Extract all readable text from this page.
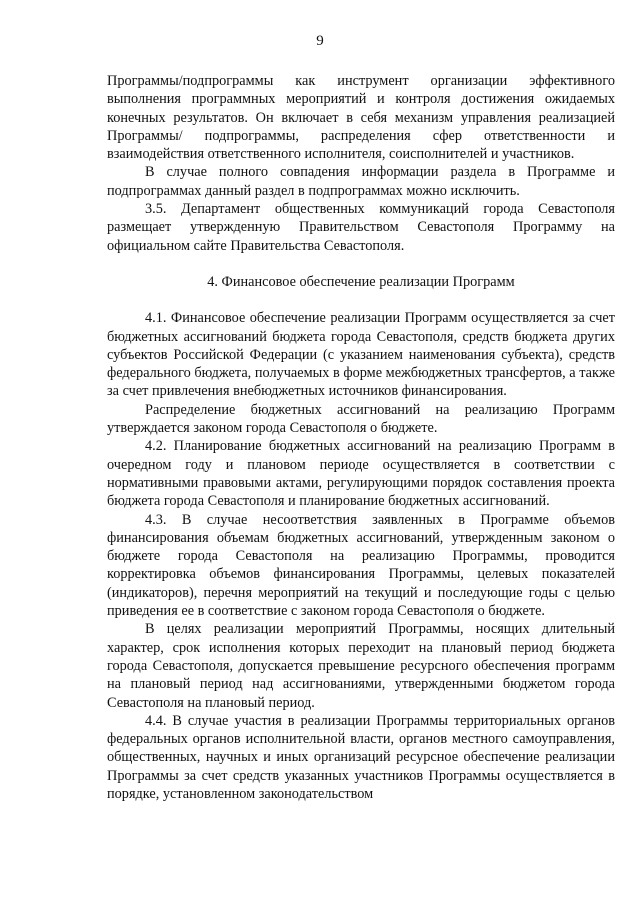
9

Программы/подпрограммы как инструмент организации эффективного выполнения программных мероприятий и контроля достижения ожидаемых конечных результатов. Он включает в себя механизм управления реализацией Программы/ подпрограммы, распределения сфер ответственности и взаимодействия ответственного исполнителя, соисполнителей и участников.

В случае полного совпадения информации раздела в Программе и подпрограммах данный раздел в подпрограммах можно исключить.

3.5. Департамент общественных коммуникаций города Севастополя размещает утвержденную Правительством Севастополя Программу на официальном сайте Правительства Севастополя.

4. Финансовое обеспечение реализации Программ

4.1. Финансовое обеспечение реализации Программ осуществляется за счет бюджетных ассигнований бюджета города Севастополя, средств бюджета других субъектов Российской Федерации (с указанием наименования субъекта), средств федерального бюджета, получаемых в форме межбюджетных трансфертов, а также за счет привлечения внебюджетных источников финансирования.

Распределение бюджетных ассигнований на реализацию Программ утверждается законом города Севастополя о бюджете.

4.2. Планирование бюджетных ассигнований на реализацию Программ в очередном году и плановом периоде осуществляется в соответствии с нормативными правовыми актами, регулирующими порядок составления проекта бюджета города Севастополя и планирование бюджетных ассигнований.

4.3. В случае несоответствия заявленных в Программе объемов финансирования объемам бюджетных ассигнований, утвержденным законом о бюджете города Севастополя на реализацию Программы, проводится корректировка объемов финансирования Программы, целевых показателей (индикаторов), перечня мероприятий на текущий и последующие годы с целью приведения ее в соответствие с законом города Севастополя о бюджете.

В целях реализации мероприятий Программы, носящих длительный характер, срок исполнения которых переходит на плановый период бюджета города Севастополя, допускается превышение ресурсного обеспечения программ на плановый период над ассигнованиями, утвержденными бюджетом города Севастополя на плановый период.

4.4. В случае участия в реализации Программы территориальных органов федеральных органов исполнительной власти, органов местного самоуправления, общественных, научных и иных организаций ресурсное обеспечение реализации Программы за счет средств указанных участников Программы осуществляется в порядке, установленном законодательством
